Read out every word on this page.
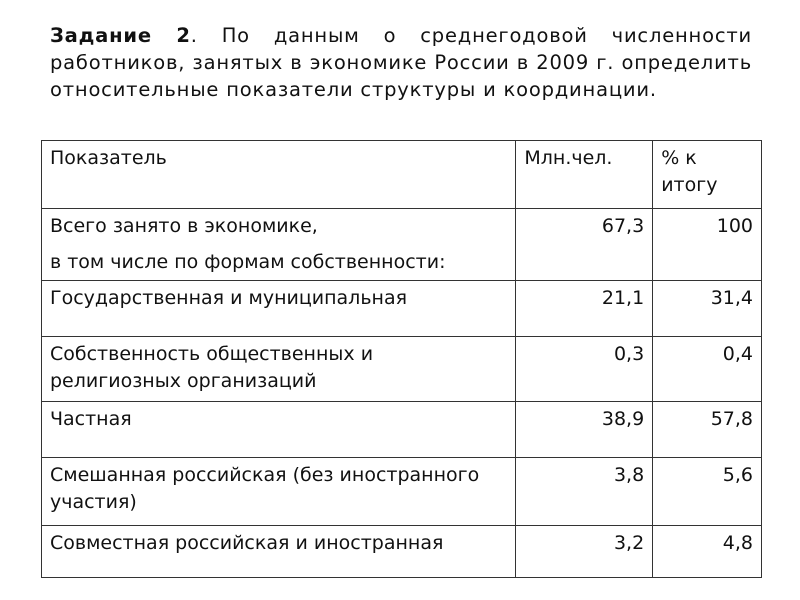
Задание 2. По данным о среднегодовой численности работников, занятых в экономике России в 2009 г. определить относительные показатели структуры и координации.

Показатель	Млн.чел.	% к итогу

Всего занято в экономике,
в том числе по формам собственности:	67,3	100
Государственная и муниципальная	21,1	31,4
Собственность общественных и религиозных организаций	0,3	0,4
Частная	38,9	57,8
Смешанная российская (без иностранного участия)	3,8	5,6
Совместная российская и иностранная	3,2	4,8
